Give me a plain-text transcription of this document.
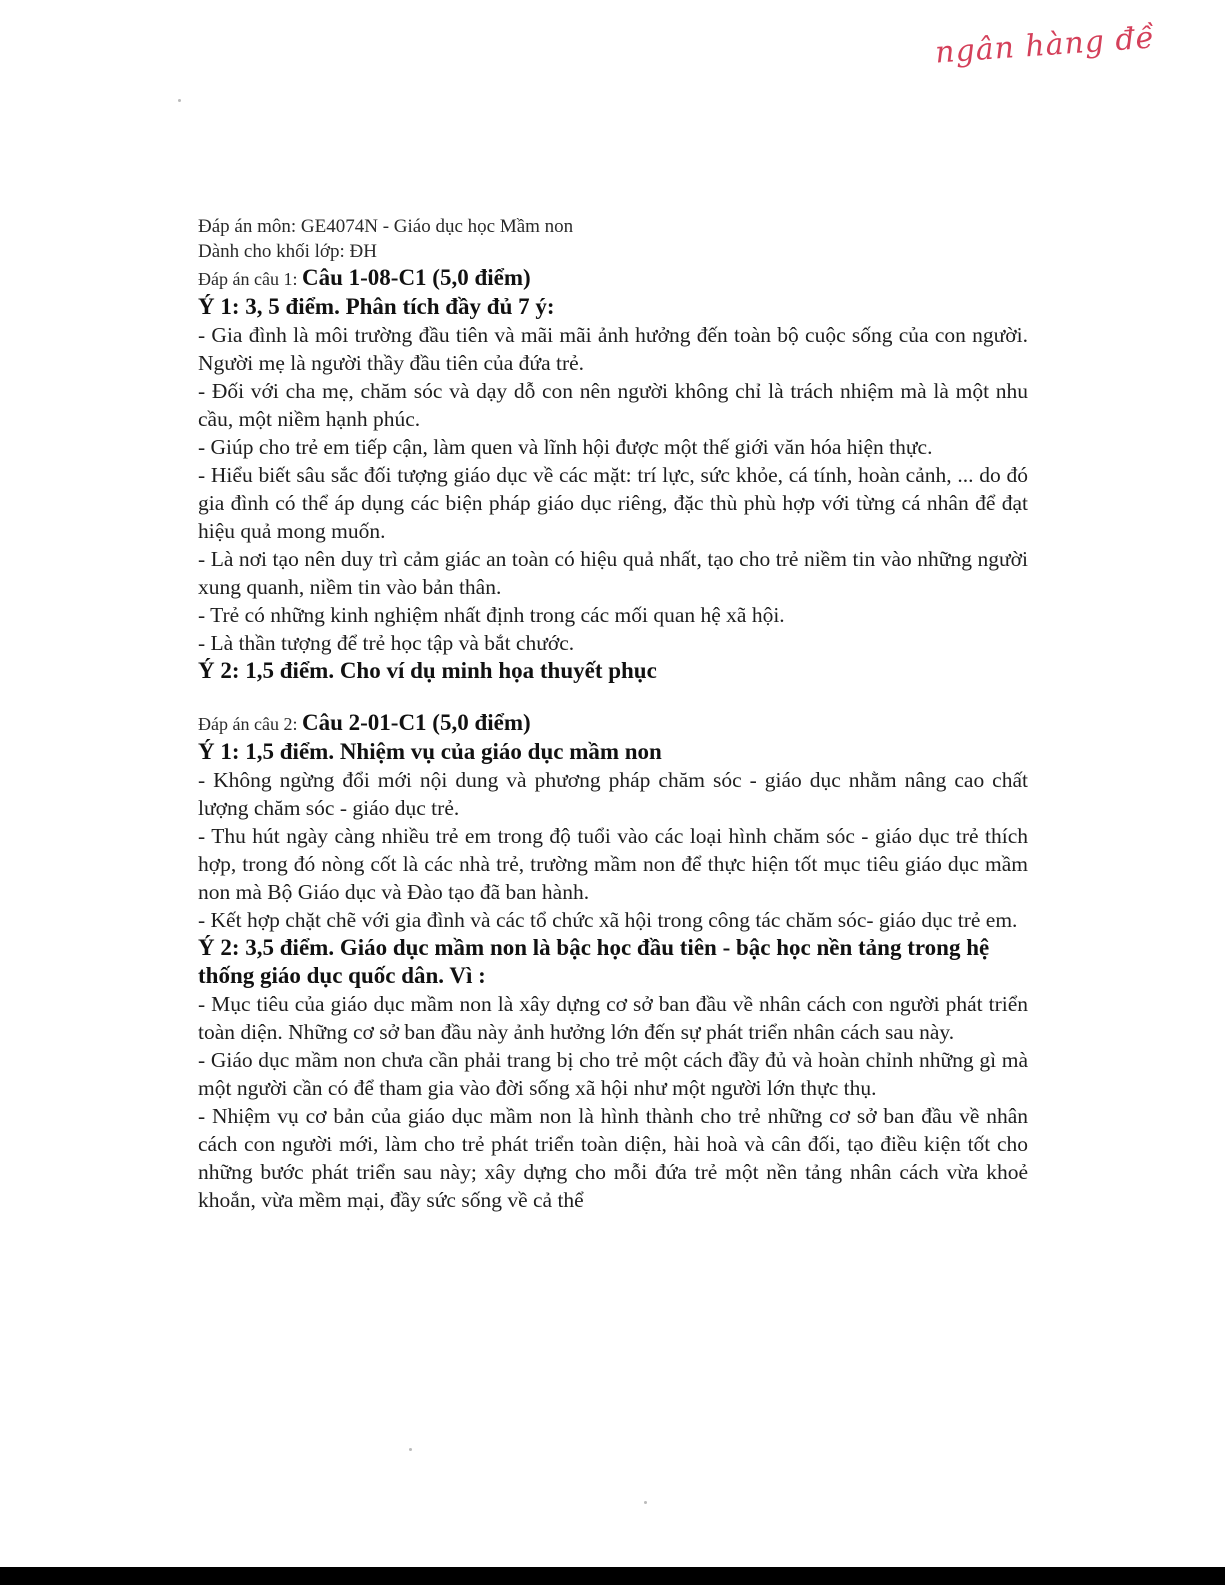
ngân hàng đề

Đáp án môn: GE4074N - Giáo dục học Mầm non

Dành cho khối lớp: ĐH

Đáp án câu 1: Câu 1-08-C1 (5,0 điểm)

Ý 1: 3, 5 điểm. Phân tích đầy đủ 7 ý:

- Gia đình là môi trường đầu tiên và mãi mãi ảnh hưởng đến toàn bộ cuộc sống của con người. Người mẹ là người thầy đầu tiên của đứa trẻ.

- Đối với cha mẹ, chăm sóc và dạy dỗ con nên người không chỉ là trách nhiệm mà là một nhu cầu, một niềm hạnh phúc.

- Giúp cho trẻ em tiếp cận, làm quen và lĩnh hội được một thế giới văn hóa hiện thực.

- Hiểu biết sâu sắc đối tượng giáo dục về các mặt: trí lực, sức khỏe, cá tính, hoàn cảnh, ... do đó gia đình có thể áp dụng các biện pháp giáo dục riêng, đặc thù phù hợp với từng cá nhân để đạt hiệu quả mong muốn.

- Là nơi tạo nên duy trì cảm giác an toàn có hiệu quả nhất, tạo cho trẻ niềm tin vào những người xung quanh, niềm tin vào bản thân.

- Trẻ có những kinh nghiệm nhất định trong các mối quan hệ xã hội.

- Là thần tượng để trẻ học tập và bắt chước.

Ý 2: 1,5 điểm. Cho ví dụ minh họa thuyết phục

Đáp án câu 2: Câu 2-01-C1 (5,0 điểm)

Ý 1: 1,5 điểm. Nhiệm vụ của giáo dục mầm non

- Không ngừng đổi mới nội dung và phương pháp chăm sóc - giáo dục nhằm nâng cao chất lượng chăm sóc - giáo dục trẻ.

- Thu hút ngày càng nhiều trẻ em trong độ tuổi vào các loại hình chăm sóc - giáo dục trẻ thích hợp, trong đó nòng cốt là các nhà trẻ, trường mầm non để thực hiện tốt mục tiêu giáo dục mầm non mà Bộ Giáo dục và Đào tạo đã ban hành.

- Kết hợp chặt chẽ với gia đình và các tổ chức xã hội trong công tác chăm sóc- giáo dục trẻ em.

Ý 2: 3,5 điểm. Giáo dục mầm non là bậc học đầu tiên - bậc học nền tảng trong hệ thống giáo dục quốc dân. Vì :

- Mục tiêu của giáo dục mầm non là xây dựng cơ sở ban đầu về nhân cách con người phát triển toàn diện. Những cơ sở ban đầu này ảnh hưởng lớn đến sự phát triển nhân cách sau này.

- Giáo dục mầm non chưa cần phải trang bị cho trẻ một cách đầy đủ và hoàn chỉnh những gì mà một người cần có để tham gia vào đời sống xã hội như một người lớn thực thụ.

- Nhiệm vụ cơ bản của giáo dục mầm non là hình thành cho trẻ những cơ sở ban đầu về nhân cách con người mới, làm cho trẻ phát triển toàn diện, hài hoà và cân đối, tạo điều kiện tốt cho những bước phát triển sau này; xây dựng cho mỗi đứa trẻ một nền tảng nhân cách vừa khoẻ khoắn, vừa mềm mại, đầy sức sống về cả thể
